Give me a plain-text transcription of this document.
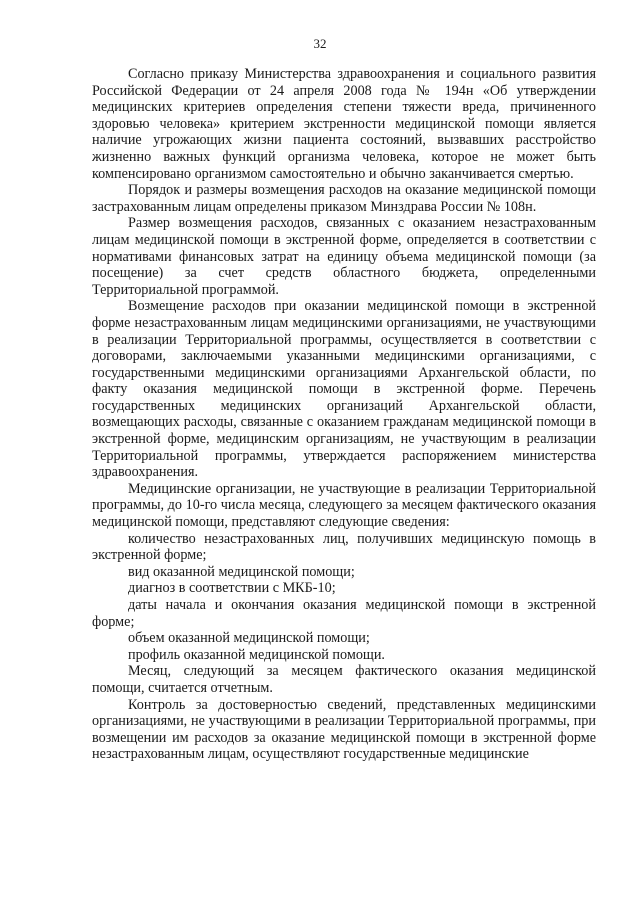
32

Согласно приказу Министерства здравоохранения и социального развития Российской Федерации от 24 апреля 2008 года № 194н «Об утверждении медицинских критериев определения степени тяжести вреда, причиненного здоровью человека» критерием экстренности медицинской помощи является наличие угрожающих жизни пациента состояний, вызвавших расстройство жизненно важных функций организма человека, которое не может быть компенсировано организмом самостоятельно и обычно заканчивается смертью.

Порядок и размеры возмещения расходов на оказание медицинской помощи застрахованным лицам определены приказом Минздрава России № 108н.

Размер возмещения расходов, связанных с оказанием незастрахованным лицам медицинской помощи в экстренной форме, определяется в соответствии с нормативами финансовых затрат на единицу объема медицинской помощи (за посещение) за счет средств областного бюджета, определенными Территориальной программой.

Возмещение расходов при оказании медицинской помощи в экстренной форме незастрахованным лицам медицинскими организациями, не участвующими в реализации Территориальной программы, осуществляется в соответствии с договорами, заключаемыми указанными медицинскими организациями, с государственными медицинскими организациями Архангельской области, по факту оказания медицинской помощи в экстренной форме. Перечень государственных медицинских организаций Архангельской области, возмещающих расходы, связанные с оказанием гражданам медицинской помощи в экстренной форме, медицинским организациям, не участвующим в реализации Территориальной программы, утверждается распоряжением министерства здравоохранения.

Медицинские организации, не участвующие в реализации Территориальной программы, до 10-го числа месяца, следующего за месяцем фактического оказания медицинской помощи, представляют следующие сведения:

количество незастрахованных лиц, получивших медицинскую помощь в экстренной форме;

вид оказанной медицинской помощи;

диагноз в соответствии с МКБ-10;

даты начала и окончания оказания медицинской помощи в экстренной форме;

объем оказанной медицинской помощи;

профиль оказанной медицинской помощи.

Месяц, следующий за месяцем фактического оказания медицинской помощи, считается отчетным.

Контроль за достоверностью сведений, представленных медицинскими организациями, не участвующими в реализации Территориальной программы, при возмещении им расходов за оказание медицинской помощи в экстренной форме незастрахованным лицам, осуществляют государственные медицинские
